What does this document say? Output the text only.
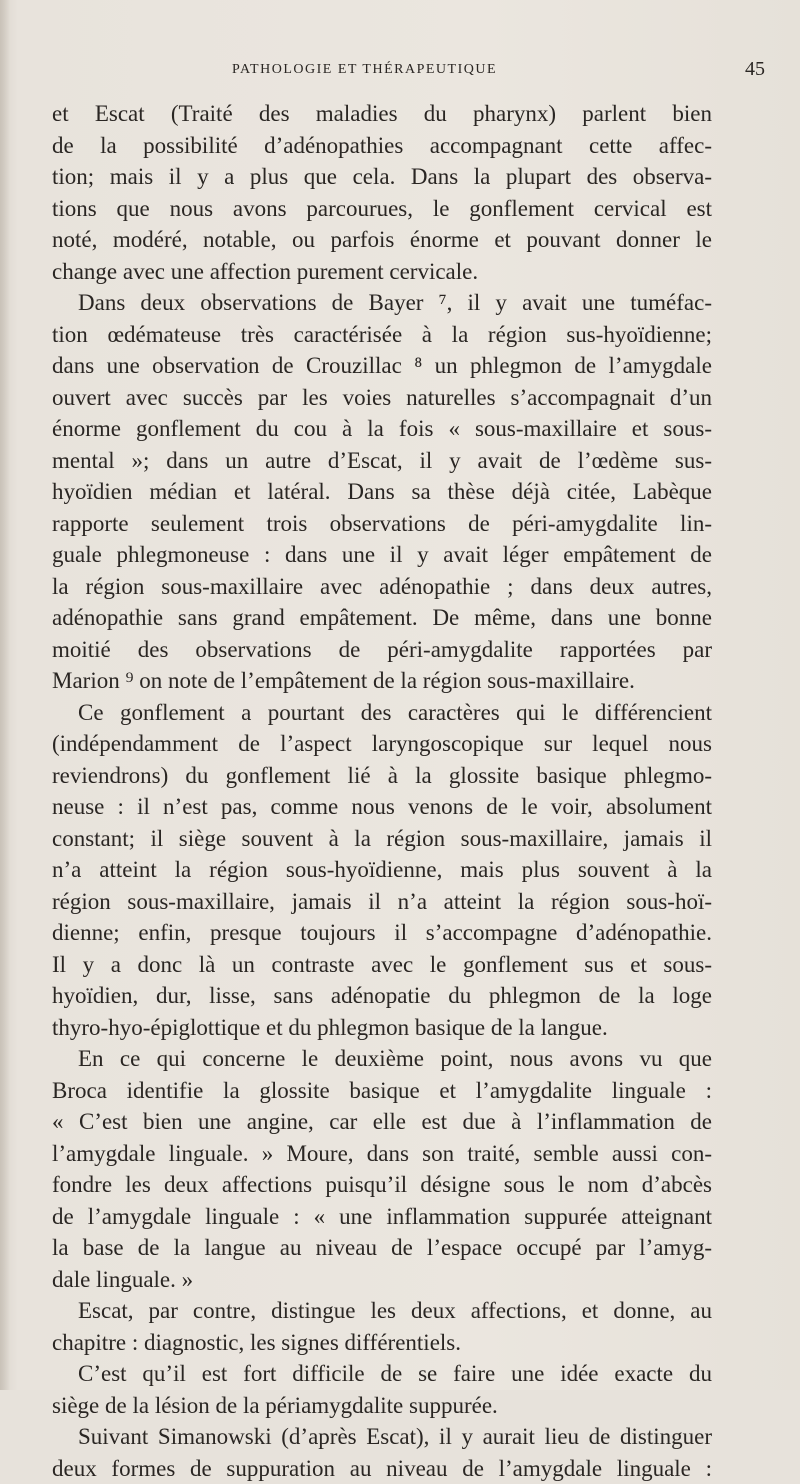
PATHOLOGIE ET THÉRAPEUTIQUE	45
et Escat (Traité des maladies du pharynx) parlent bien
de la possibilité d’adénopathies accompagnant cette affec-
tion; mais il y a plus que cela. Dans la plupart des observa-
tions que nous avons parcourues, le gonflement cervical est
noté, modéré, notable, ou parfois énorme et pouvant donner le
change avec une affection purement cervicale.
Dans deux observations de Bayer ⁷, il y avait une tuméfac-
tion œdémateuse très caractérisée à la région sus-hyoïdienne;
dans une observation de Crouzillac ⁸ un phlegmon de l’amygdale
ouvert avec succès par les voies naturelles s’accompagnait d’un
énorme gonflement du cou à la fois « sous-maxillaire et sous-
mental »; dans un autre d’Escat, il y avait de l’œdème sus-
hyoïdien médian et latéral. Dans sa thèse déjà citée, Labèque
rapporte seulement trois observations de péri-amygdalite lin-
guale phlegmoneuse : dans une il y avait léger empâtement de
la région sous-maxillaire avec adénopathie ; dans deux autres,
adénopathie sans grand empâtement. De même, dans une bonne
moitié des observations de péri-amygdalite rapportées par
Marion ⁹ on note de l’empâtement de la région sous-maxillaire.
Ce gonflement a pourtant des caractères qui le différencient
(indépendamment de l’aspect laryngoscopique sur lequel nous
reviendrons) du gonflement lié à la glossite basique phlegmo-
neuse : il n’est pas, comme nous venons de le voir, absolument
constant; il siège souvent à la région sous-maxillaire, jamais il
n’a atteint la région sous-hyoïdienne, mais plus souvent à la
région sous-maxillaire, jamais il n’a atteint la région sous-hoï-
dienne; enfin, presque toujours il s’accompagne d’adénopathie.
Il y a donc là un contraste avec le gonflement sus et sous-
hyoïdien, dur, lisse, sans adénopatie du phlegmon de la loge
thyro-hyo-épiglottique et du phlegmon basique de la langue.
En ce qui concerne le deuxième point, nous avons vu que
Broca identifie la glossite basique et l’amygdalite linguale :
« C’est bien une angine, car elle est due à l’inflammation de
l’amygdale linguale. » Moure, dans son traité, semble aussi con-
fondre les deux affections puisqu’il désigne sous le nom d’abcès
de l’amygdale linguale : « une inflammation suppurée atteignant
la base de la langue au niveau de l’espace occupé par l’amyg-
dale linguale. »
Escat, par contre, distingue les deux affections, et donne, au
chapitre : diagnostic, les signes différentiels.
C’est qu’il est fort difficile de se faire une idée exacte du
siège de la lésion de la périamygdalite suppurée.
Suivant Simanowski (d’après Escat), il y aurait lieu de distinguer
deux formes de suppuration au niveau de l’amygdale linguale :
